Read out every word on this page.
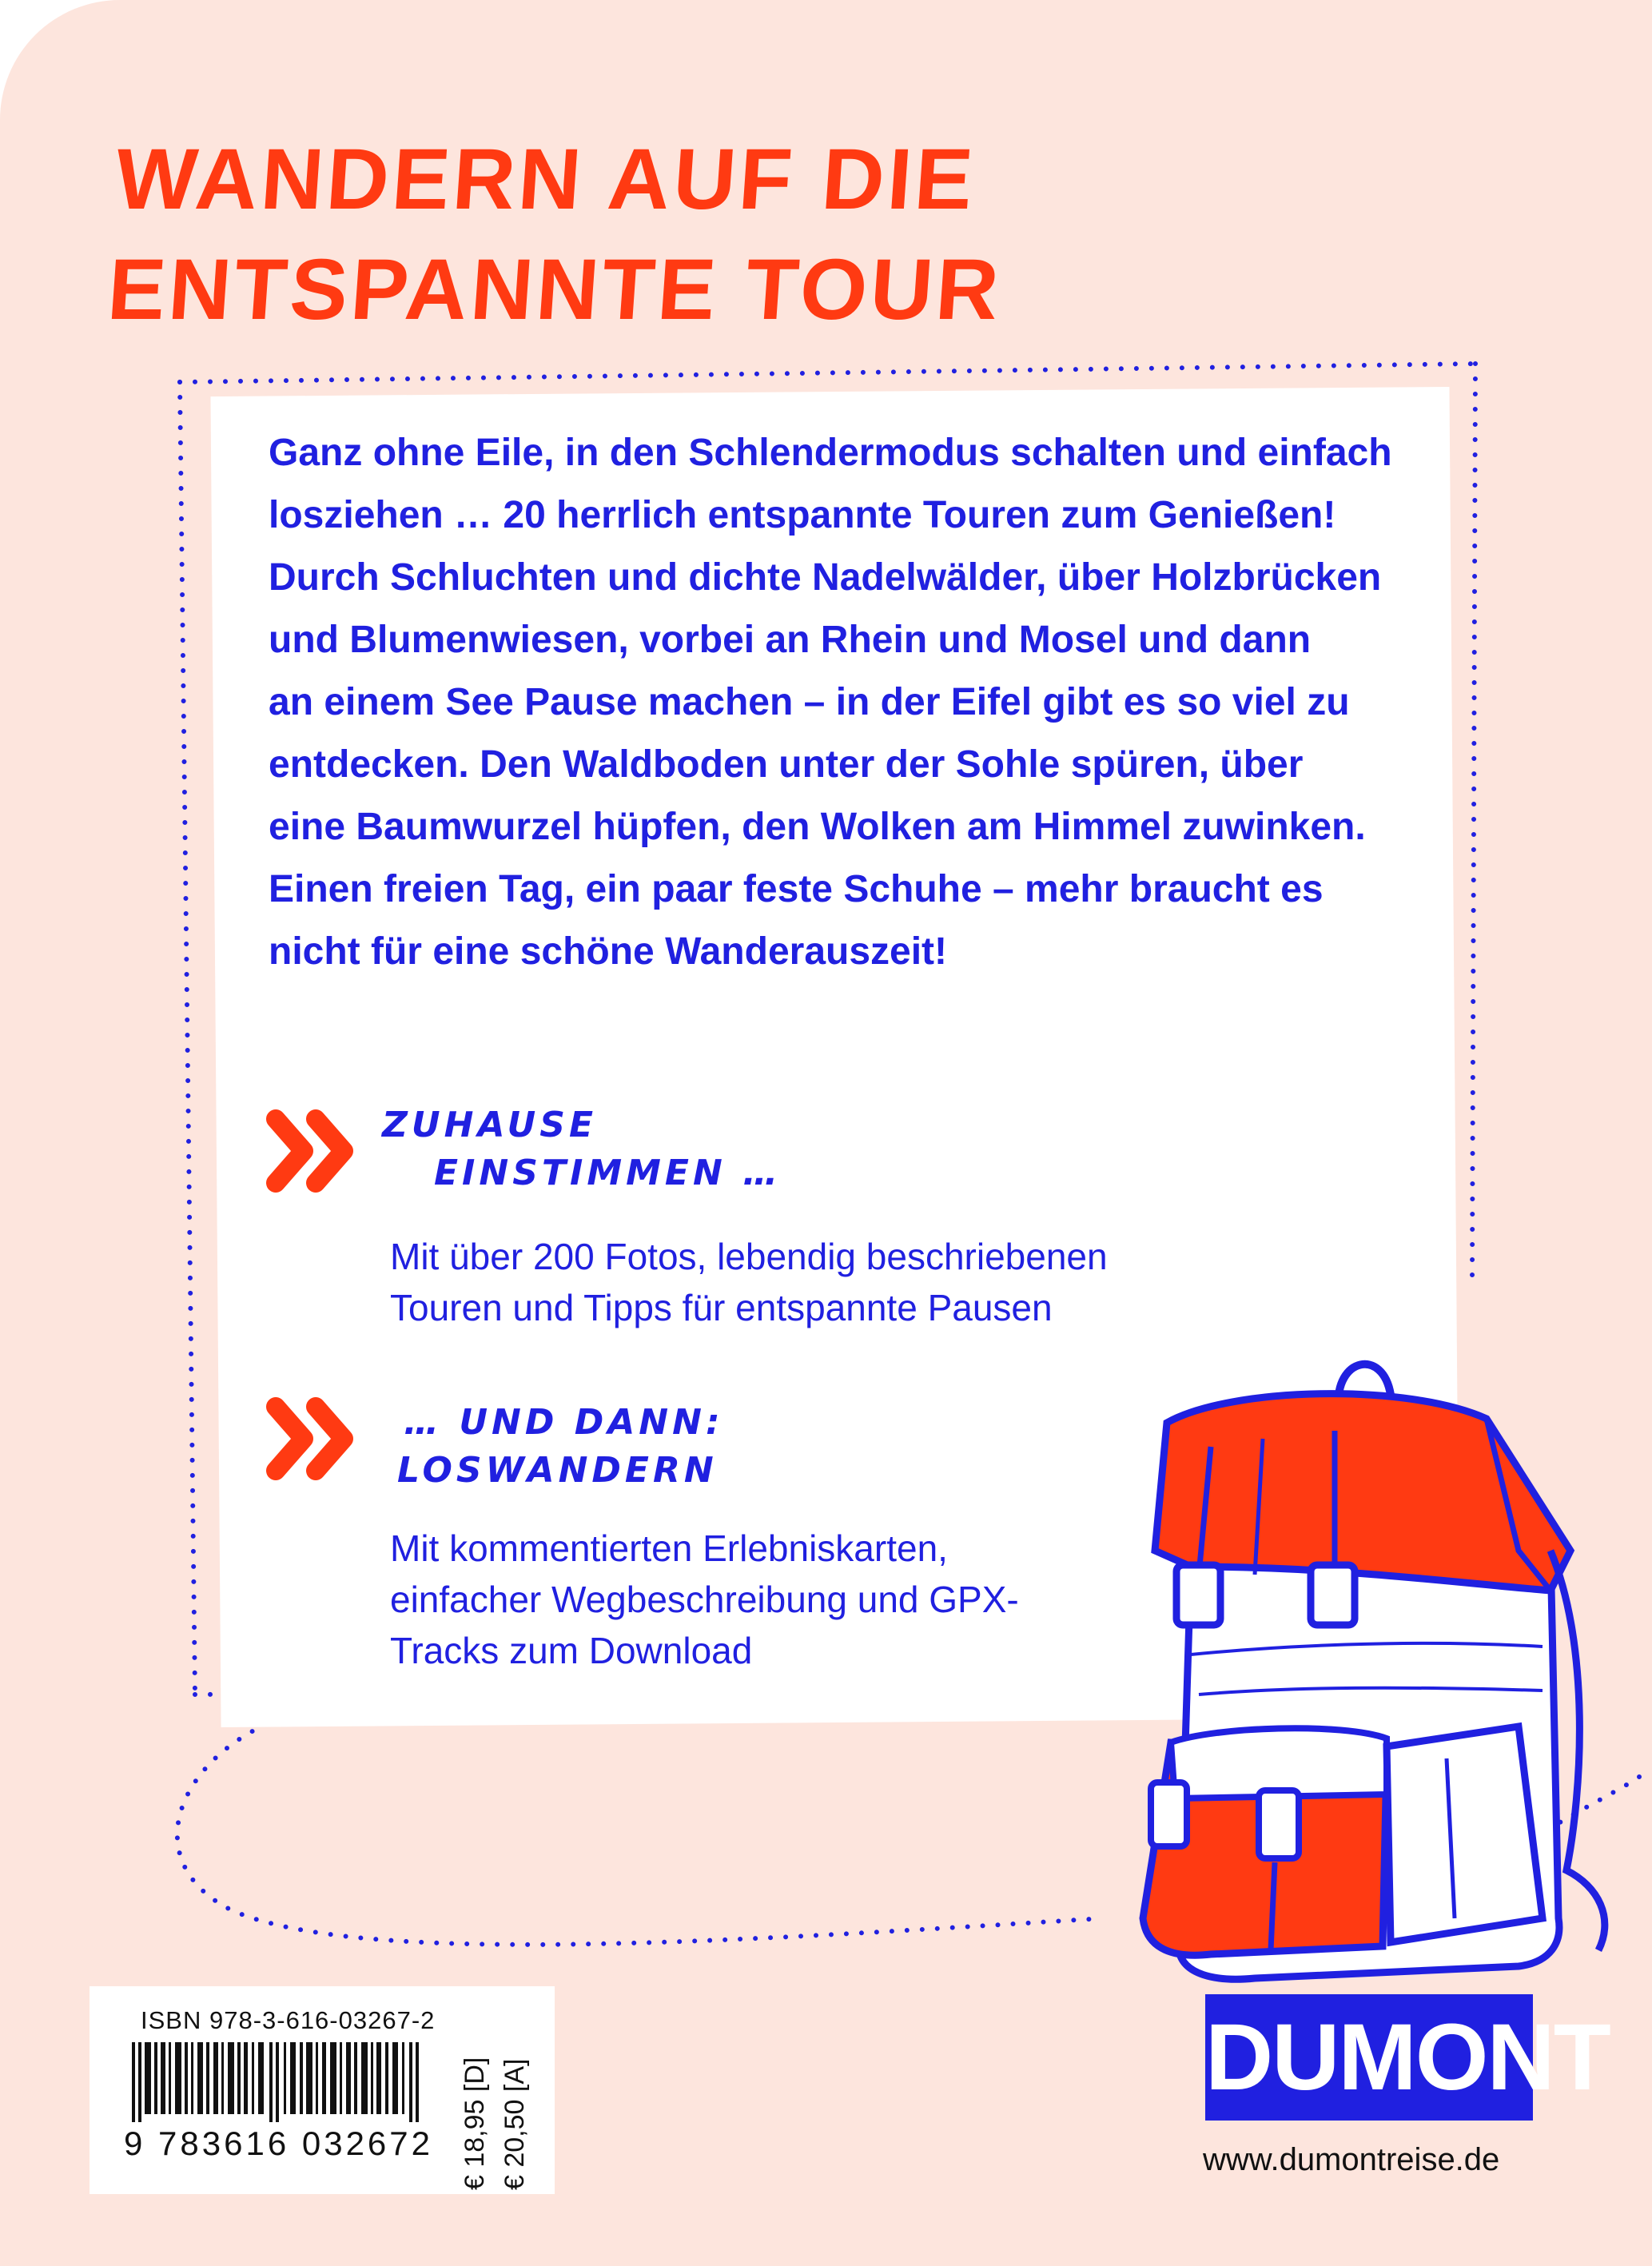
WANDERN AUF DIE
ENTSPANNTE TOUR
Ganz ohne Eile, in den Schlendermodus schalten und einfach
losziehen … 20 herrlich entspannte Touren zum Genießen!
Durch Schluchten und dichte Nadelwälder, über Holzbrücken
und Blumenwiesen, vorbei an Rhein und Mosel und dann
an einem See Pause machen – in der Eifel gibt es so viel zu
entdecken. Den Waldboden unter der Sohle spüren, über
eine Baumwurzel hüpfen, den Wolken am Himmel zuwinken.
Einen freien Tag, ein paar feste Schuhe – mehr braucht es
nicht für eine schöne Wanderauszeit!
ZUHAUSE
EINSTIMMEN …
Mit über 200 Fotos, lebendig beschriebenen
Touren und Tipps für entspannte Pausen
… UND DANN:
LOSWANDERN
Mit kommentierten Erlebniskarten,
einfacher Wegbeschreibung und GPX-
Tracks zum Download
ISBN 978-3-616-03267-2
9 783616 032672 € 18,95 [D] € 20,50 [A]
DUMONT
www.dumontreise.de
